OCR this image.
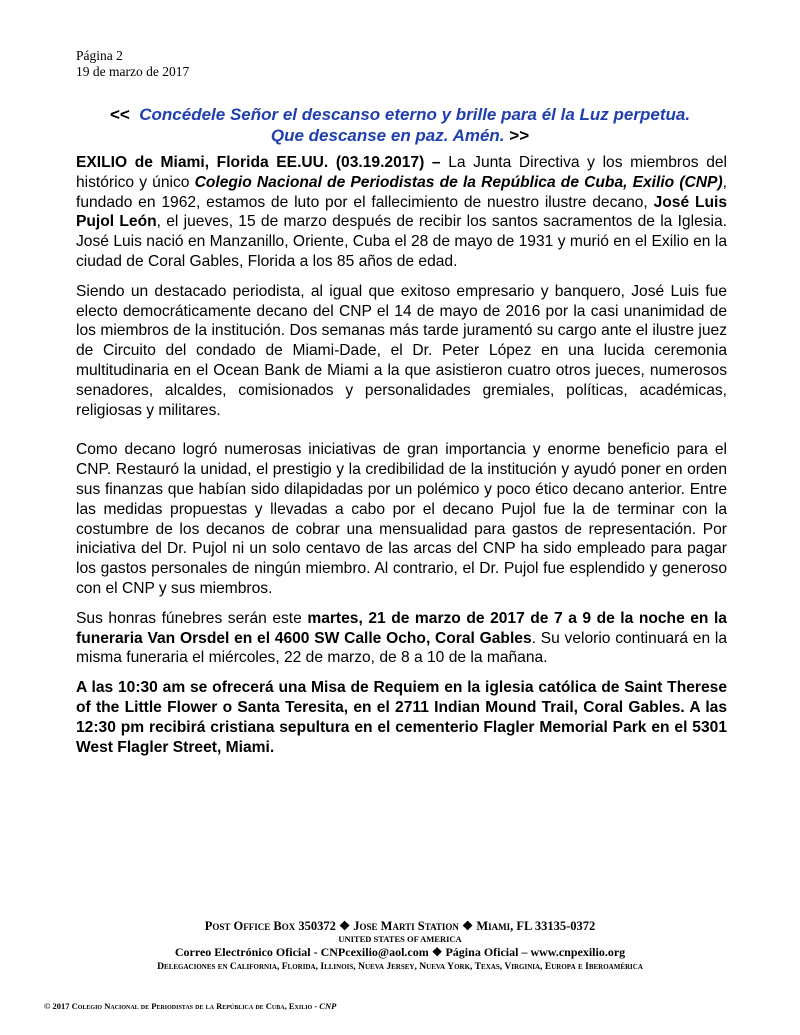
Página 2
19 de marzo de 2017
<< Concédele Señor el descanso eterno y brille para él la Luz perpetua.
Que descanse en paz. Amén. >>

EXILIO de Miami, Florida EE.UU. (03.19.2017) – La Junta Directiva y los miembros del histórico y único Colegio Nacional de Periodistas de la República de Cuba, Exilio (CNP), fundado en 1962, estamos de luto por el fallecimiento de nuestro ilustre decano, José Luis Pujol León, el jueves, 15 de marzo después de recibir los santos sacramentos de la Iglesia. José Luis nació en Manzanillo, Oriente, Cuba el 28 de mayo de 1931 y murió en el Exilio en la ciudad de Coral Gables, Florida a los 85 años de edad.

Siendo un destacado periodista, al igual que exitoso empresario y banquero, José Luis fue electo democráticamente decano del CNP el 14 de mayo de 2016 por la casi unanimidad de los miembros de la institución. Dos semanas más tarde juramentó su cargo ante el ilustre juez de Circuito del condado de Miami-Dade, el Dr. Peter López en una lucida ceremonia multitudinaria en el Ocean Bank de Miami a la que asistieron cuatro otros jueces, numerosos senadores, alcaldes, comisionados y personalidades gremiales, políticas, académicas, religiosas y militares.

Como decano logró numerosas iniciativas de gran importancia y enorme beneficio para el CNP. Restauró la unidad, el prestigio y la credibilidad de la institución y ayudó poner en orden sus finanzas que habían sido dilapidadas por un polémico y poco ético decano anterior. Entre las medidas propuestas y llevadas a cabo por el decano Pujol fue la de terminar con la costumbre de los decanos de cobrar una mensualidad para gastos de representación. Por iniciativa del Dr. Pujol ni un solo centavo de las arcas del CNP ha sido empleado para pagar los gastos personales de ningún miembro. Al contrario, el Dr. Pujol fue esplendido y generoso con el CNP y sus miembros.

Sus honras fúnebres serán este martes, 21 de marzo de 2017 de 7 a 9 de la noche en la funeraria Van Orsdel en el 4600 SW Calle Ocho, Coral Gables. Su velorio continuará en la misma funeraria el miércoles, 22 de marzo, de 8 a 10 de la mañana.

A las 10:30 am se ofrecerá una Misa de Requiem en la iglesia católica de Saint Therese of the Little Flower o Santa Teresita, en el 2711 Indian Mound Trail, Coral Gables. A las 12:30 pm recibirá cristiana sepultura en el cementerio Flagler Memorial Park en el 5301 West Flagler Street, Miami.

Post Office Box 350372 ❖ Jose Marti Station ❖ Miami, FL 33135-0372
UNITED STATES OF AMERICA
Correo Electrónico Oficial - CNPcexilio@aol.com ❖ Página Oficial – www.cnpexilio.org
Delegaciones en California, Florida, Illinois, Nueva Jersey, Nueva York, Texas, Virginia, Europa e Iberoamérica
© 2017 Colegio Nacional de Periodistas de la República de Cuba, Exilio - CNP
